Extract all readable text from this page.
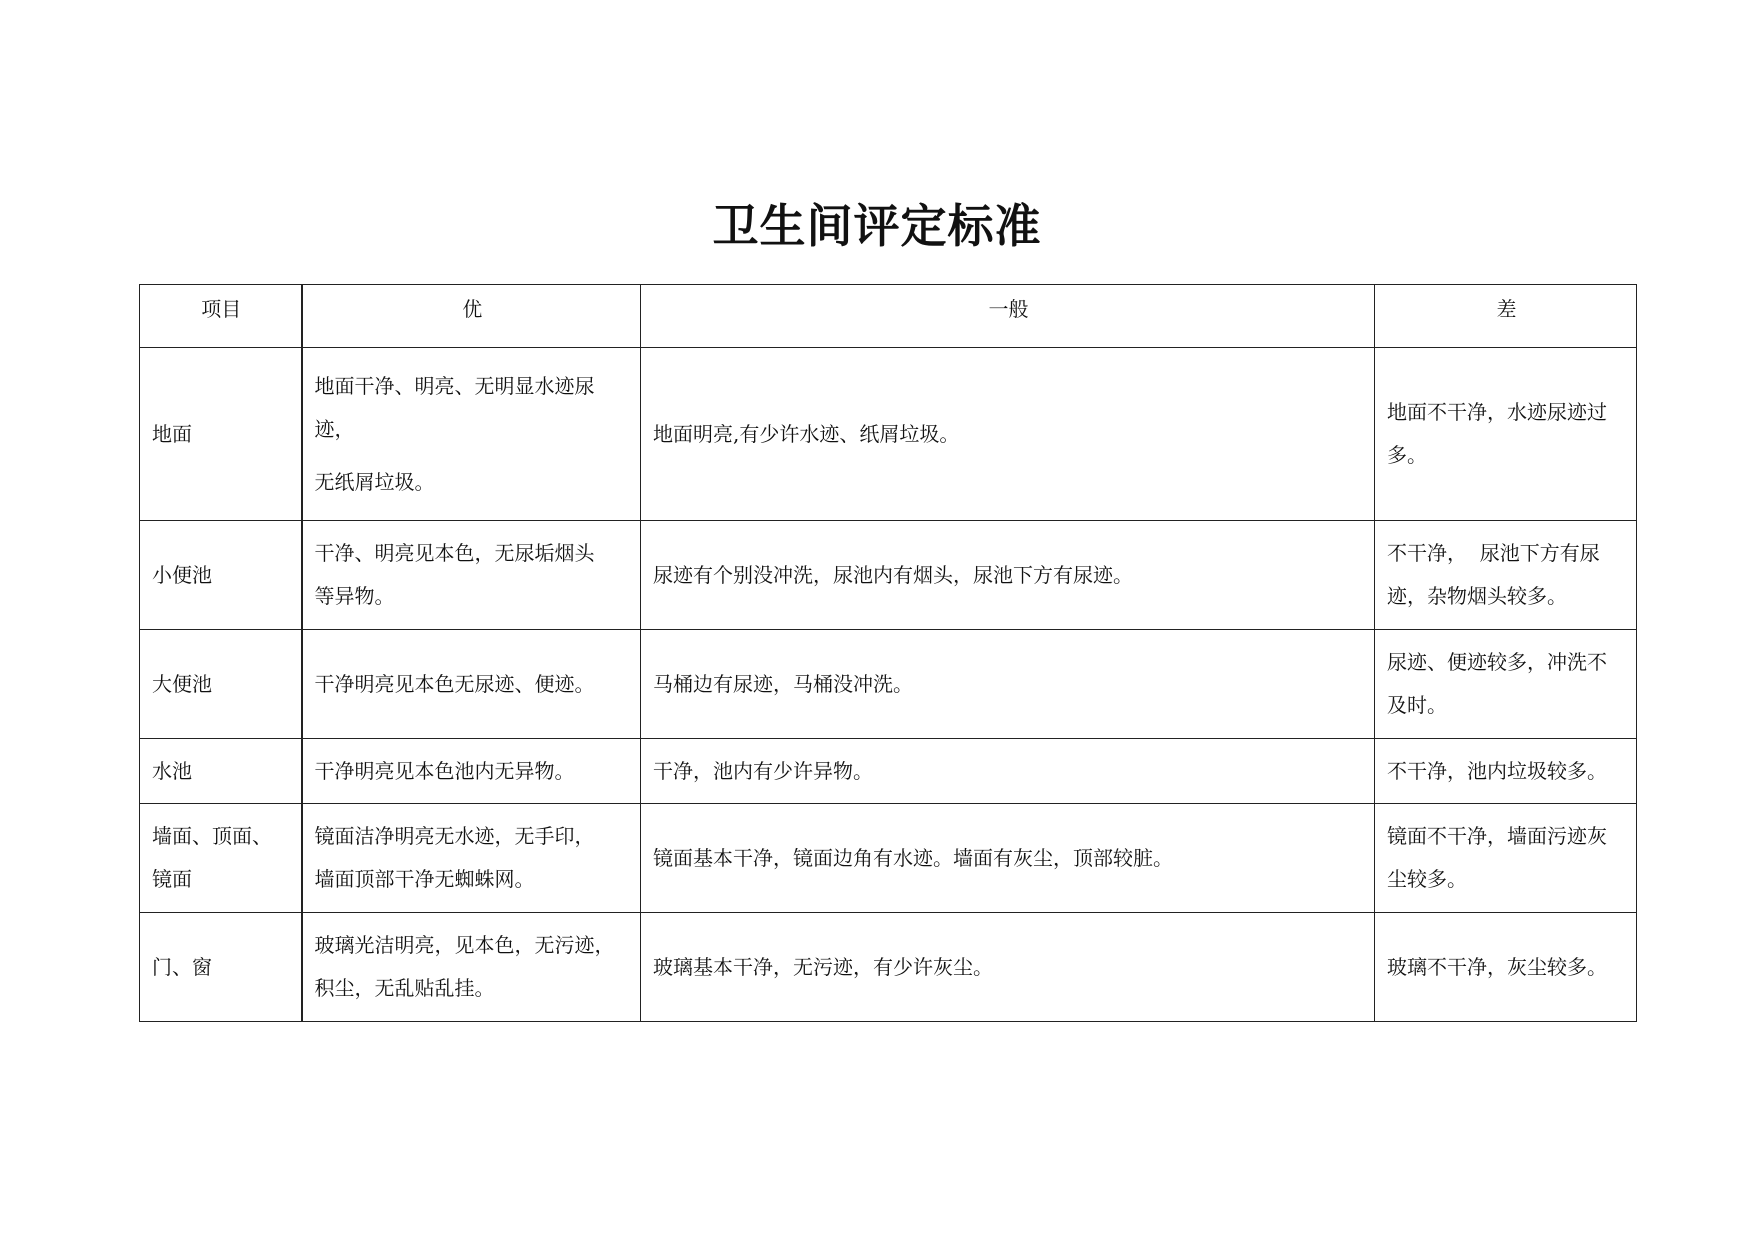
卫生间评定标准
项目	优	一般	差
地面	地面干净、明亮、无明显水迹尿
迹，
无纸屑垃圾。	地面明亮,有少许水迹、纸屑垃圾。	地面不干净，水迹尿迹过
多。

小便池	干净、明亮见本色，无尿垢烟头
等异物。	尿迹有个别没冲洗，尿池内有烟头，尿池下方有尿迹。	不干净，  尿池下方有尿
迹，杂物烟头较多。

大便池	干净明亮见本色无尿迹、便迹。	马桶边有尿迹，马桶没冲洗。	尿迹、便迹较多，冲洗不
及时。

水池	干净明亮见本色池内无异物。	干净，池内有少许异物。	不干净，池内垃圾较多。

墙面、顶面、
镜面	镜面洁净明亮无水迹，无手印，
墙面顶部干净无蜘蛛网。	镜面基本干净，镜面边角有水迹。墙面有灰尘，顶部较脏。	镜面不干净，墙面污迹灰
尘较多。

门、窗	玻璃光洁明亮，见本色，无污迹，
积尘，无乱贴乱挂。	玻璃基本干净，无污迹，有少许灰尘。	玻璃不干净，灰尘较多。
